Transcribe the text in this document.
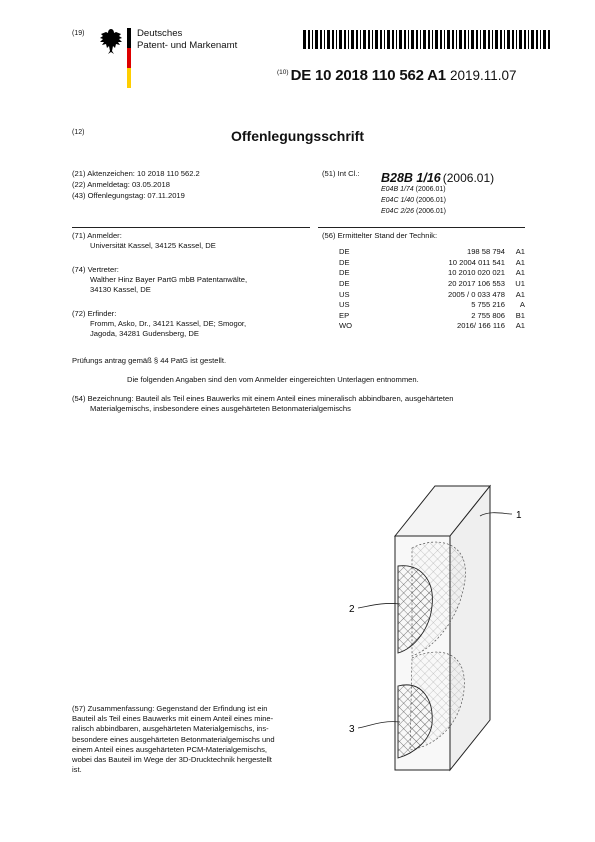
(19)	Deutsches
Patent- und Markenamt
$^{(10)}$ DE 10 2018 110 562 A1 2019.11.07
(12)	Offenlegungsschrift
(21) Aktenzeichen: 10 2018 110 562.2
(22) Anmeldetag: 03.05.2018
(43) Offenlegungstag: 07.11.2019
(51) Int Cl.: B28B 1/16 (2006.01)
E04B 1/74 (2006.01)
E04C 1/40 (2006.01)
E04C 2/26 (2006.01)
(71) Anmelder:
Universität Kassel, 34125 Kassel, DE
(74) Vertreter:
Walther Hinz Bayer PartG mbB Patentanwälte,
34130 Kassel, DE
(72) Erfinder:
Fromm, Asko, Dr., 34121 Kassel, DE; Smogor,
Jagoda, 34281 Gudensberg, DE
(56) Ermittelter Stand der Technik:
DE	198 58 794	A1
DE	10 2004 011 541	A1
DE	10 2010 020 021	A1
DE	20 2017 106 553	U1
US	2005 / 0 033 478	A1
US	5 755 216	A
EP	2 755 806	B1
WO	2016/ 166 116	A1
Prüfungs antrag gemäß § 44 PatG ist gestellt.
Die folgenden Angaben sind den vom Anmelder eingereichten Unterlagen entnommen.
(54) Bezeichnung: Bauteil als Teil eines Bauwerks mit einem Anteil eines mineralisch abbindbaren, ausgehärteten
Materialgemischs, insbesondere eines ausgehärteten Betonmaterialgemischs
(57) Zusammenfassung: Gegenstand der Erfindung ist ein
Bauteil als Teil eines Bauwerks mit einem Anteil eines mine-
ralisch abbindbaren, ausgehärteten Materialgemischs, ins-
besondere eines ausgehärteten Betonmaterialgemischs und
einem Anteil eines ausgehärteten PCM-Materialgemischs,
wobei das Bauteil im Wege der 3D-Drucktechnik hergestellt
ist.
1
2
3
